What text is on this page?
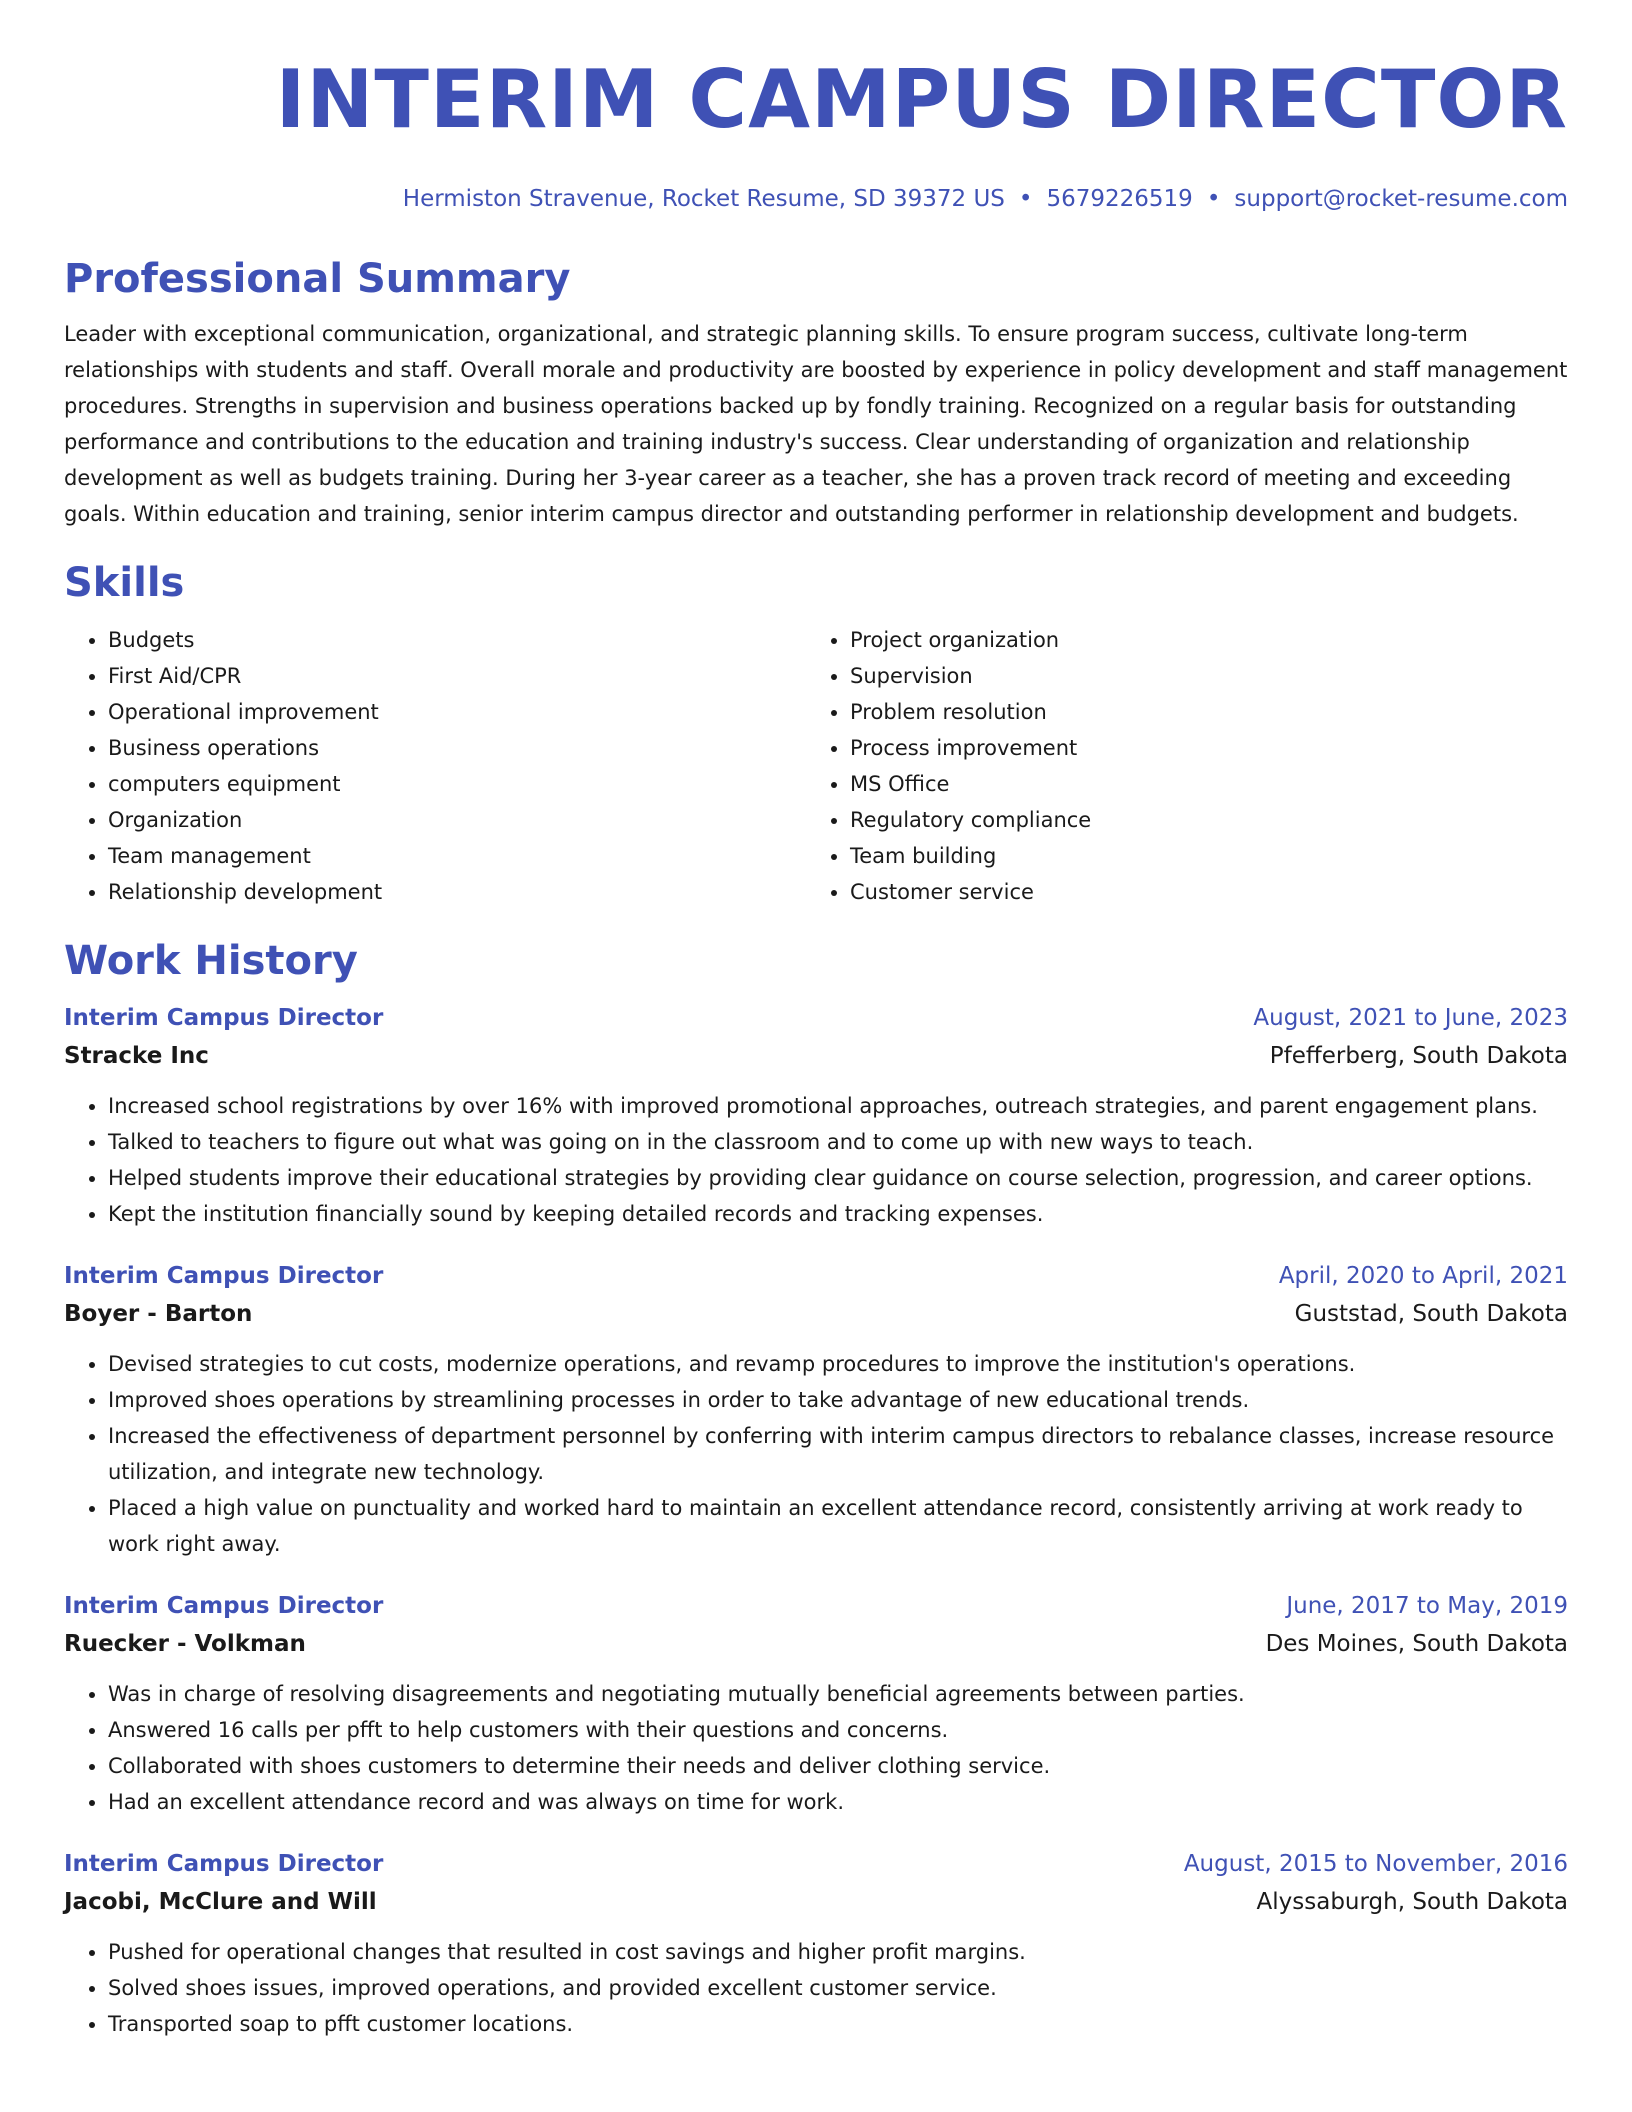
INTERIM CAMPUS DIRECTOR
Hermiston Stravenue, Rocket Resume, SD 39372 US • 5679226519 • support@rocket-resume.com
Professional Summary

Leader with exceptional communication, organizational, and strategic planning skills. To ensure program success, cultivate long-term relationships with students and staff. Overall morale and productivity are boosted by experience in policy development and staff management procedures. Strengths in supervision and business operations backed up by fondly training. Recognized on a regular basis for outstanding performance and contributions to the education and training industry's success. Clear understanding of organization and relationship development as well as budgets training. During her 3-year career as a teacher, she has a proven track record of meeting and exceeding goals. Within education and training, senior interim campus director and outstanding performer in relationship development and budgets.

Skills
• Budgets
• First Aid/CPR
• Operational improvement
• Business operations
• computers equipment
• Organization
• Team management
• Relationship development
• Project organization
• Supervision
• Problem resolution
• Process improvement
• MS Office
• Regulatory compliance
• Team building
• Customer service
Work History
Interim Campus Director	August, 2021 to June, 2023
Stracke Inc	Pfefferberg, South Dakota
• Increased school registrations by over 16% with improved promotional approaches, outreach strategies, and parent engagement plans.
• Talked to teachers to figure out what was going on in the classroom and to come up with new ways to teach.
• Helped students improve their educational strategies by providing clear guidance on course selection, progression, and career options.
• Kept the institution financially sound by keeping detailed records and tracking expenses.
Interim Campus Director	April, 2020 to April, 2021
Boyer - Barton	Guststad, South Dakota
• Devised strategies to cut costs, modernize operations, and revamp procedures to improve the institution's operations.
• Improved shoes operations by streamlining processes in order to take advantage of new educational trends.
• Increased the effectiveness of department personnel by conferring with interim campus directors to rebalance classes, increase resource utilization, and integrate new technology.
• Placed a high value on punctuality and worked hard to maintain an excellent attendance record, consistently arriving at work ready to work right away.
Interim Campus Director	June, 2017 to May, 2019
Ruecker - Volkman	Des Moines, South Dakota
• Was in charge of resolving disagreements and negotiating mutually beneficial agreements between parties.
• Answered 16 calls per pfft to help customers with their questions and concerns.
• Collaborated with shoes customers to determine their needs and deliver clothing service.
• Had an excellent attendance record and was always on time for work.
Interim Campus Director	August, 2015 to November, 2016
Jacobi, McClure and Will	Alyssaburgh, South Dakota
• Pushed for operational changes that resulted in cost savings and higher profit margins.
• Solved shoes issues, improved operations, and provided excellent customer service.
• Transported soap to pfft customer locations.
